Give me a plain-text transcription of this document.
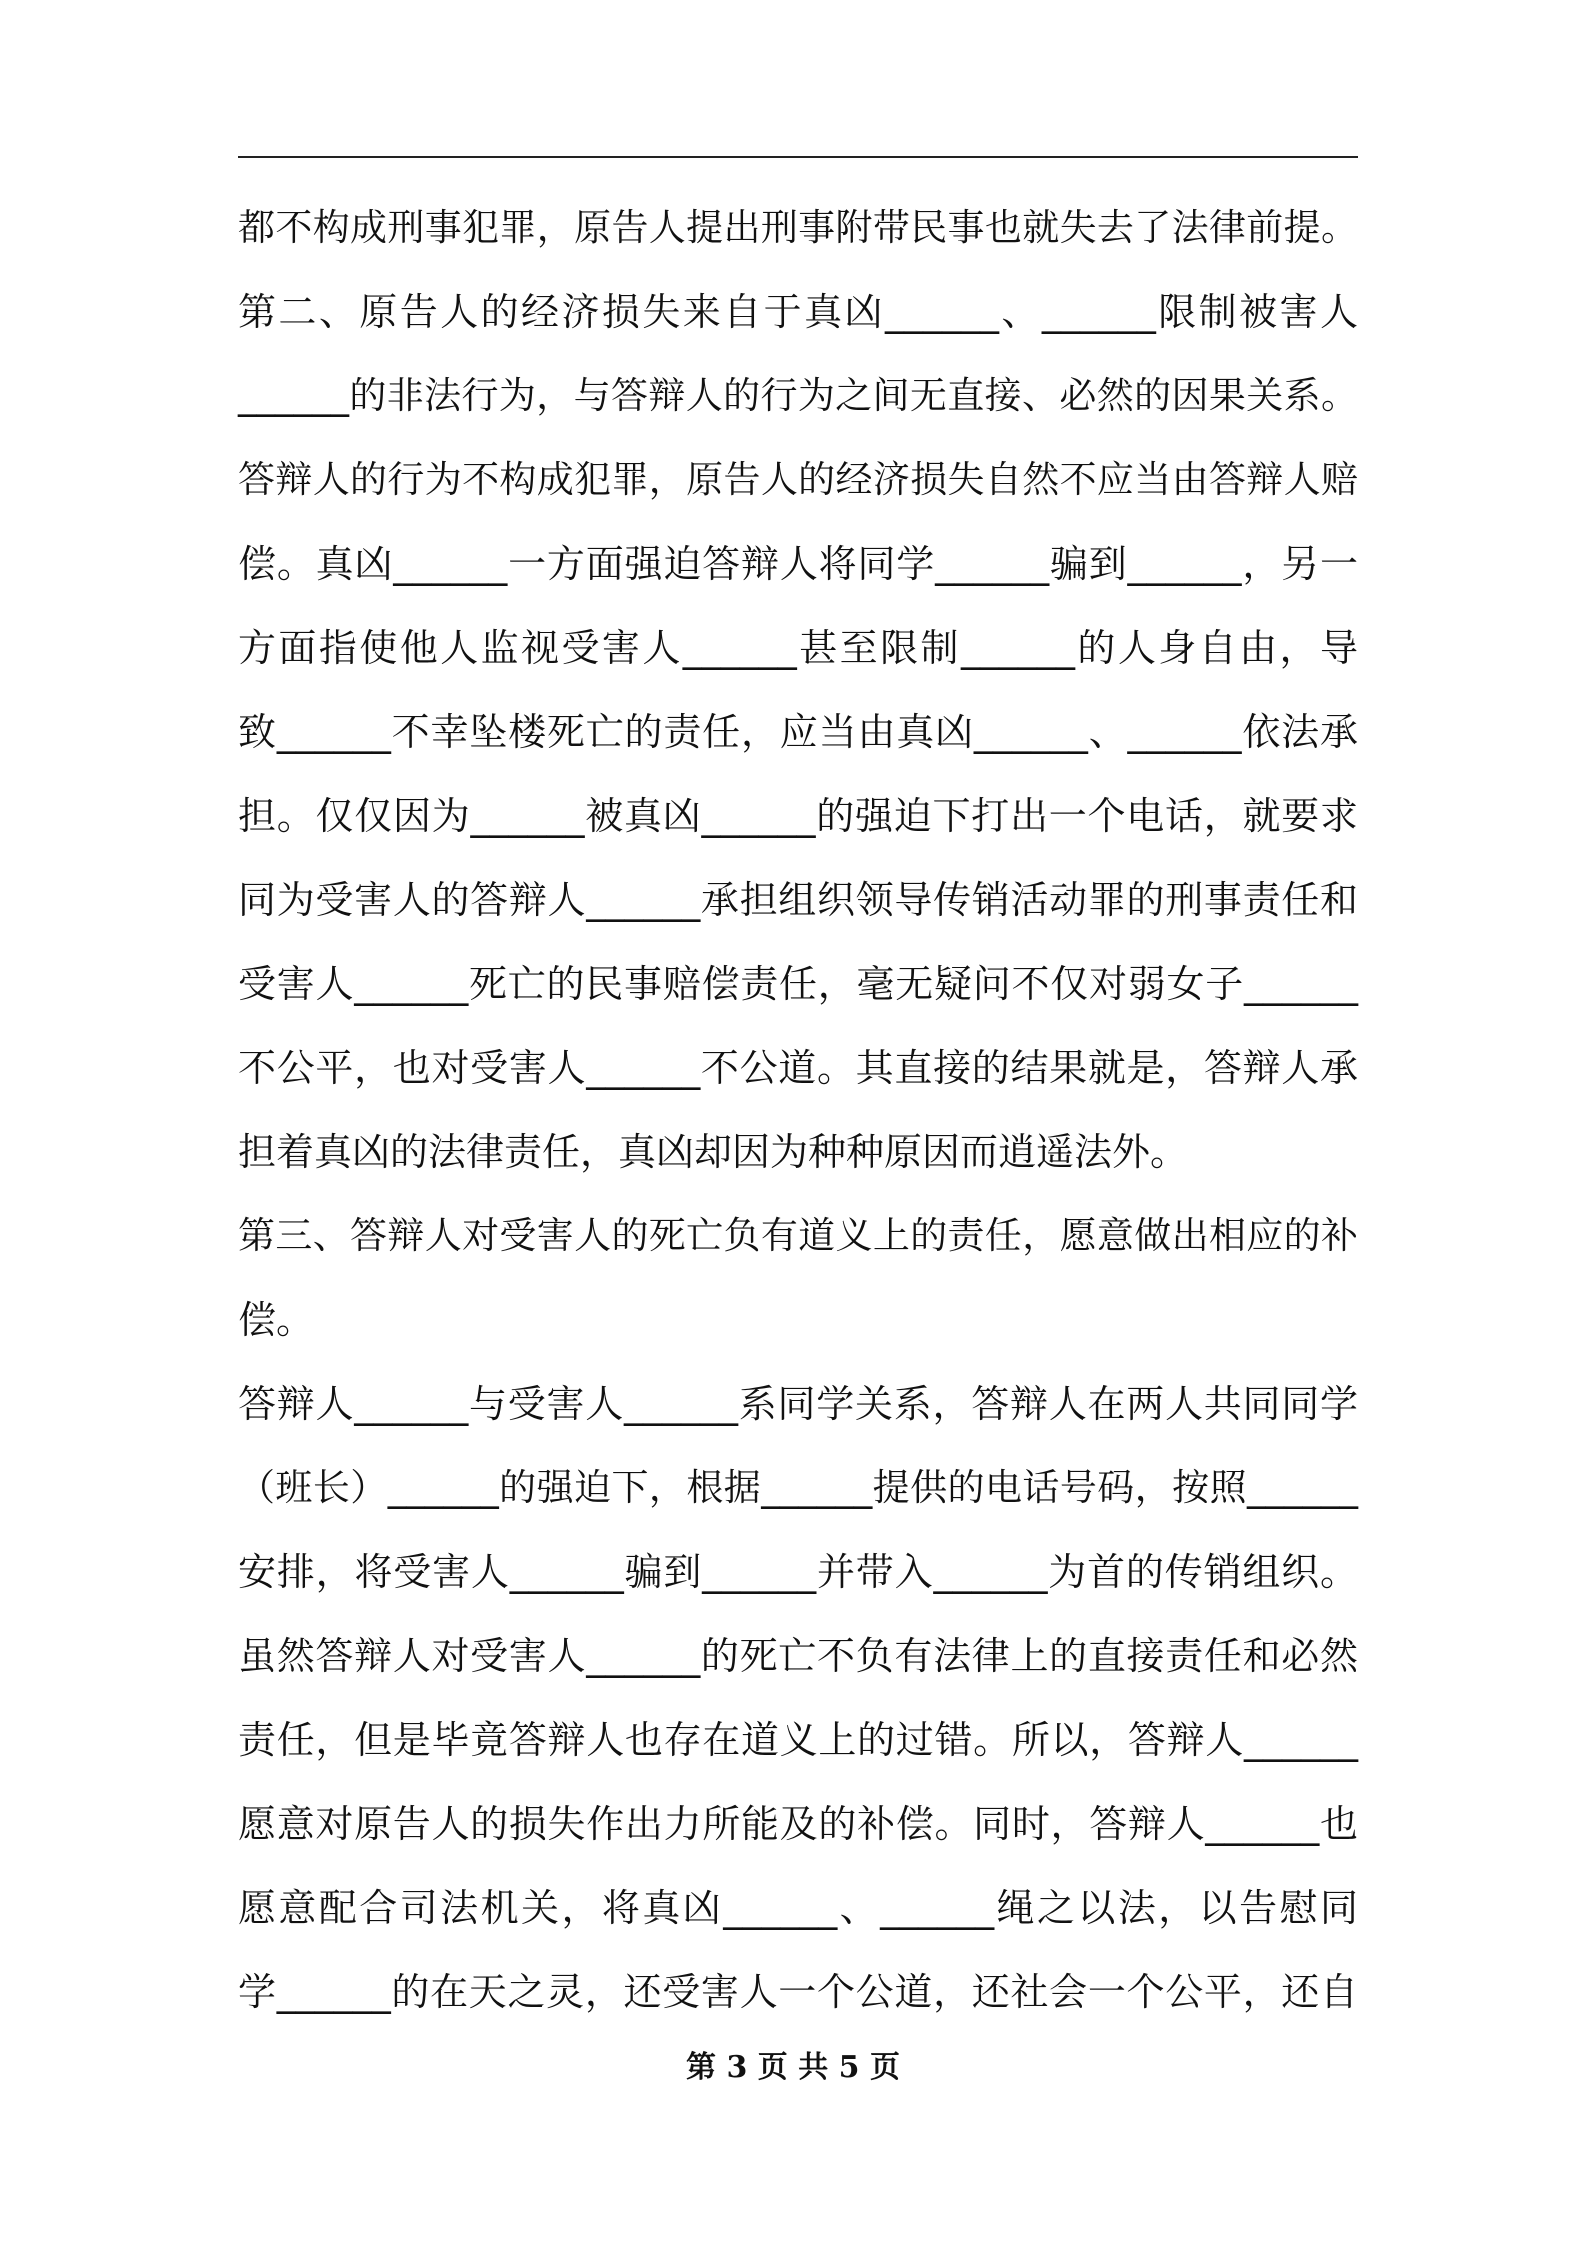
都不构成刑事犯罪，原告人提出刑事附带民事也就失去了法律前提。
第二、原告人的经济损失来自于真凶______、______限制被害人
______的非法行为，与答辩人的行为之间无直接、必然的因果关系。
答辩人的行为不构成犯罪，原告人的经济损失自然不应当由答辩人赔
偿。真凶______一方面强迫答辩人将同学______骗到______，另一
方面指使他人监视受害人______甚至限制______的人身自由，导
致______不幸坠楼死亡的责任，应当由真凶______、______依法承
担。仅仅因为______被真凶______的强迫下打出一个电话，就要求
同为受害人的答辩人______承担组织领导传销活动罪的刑事责任和
受害人______死亡的民事赔偿责任，毫无疑问不仅对弱女子______
不公平，也对受害人______不公道。其直接的结果就是，答辩人承
担着真凶的法律责任，真凶却因为种种原因而逍遥法外。
第三、答辩人对受害人的死亡负有道义上的责任，愿意做出相应的补
偿。
答辩人______与受害人______系同学关系，答辩人在两人共同同学
（班长）______的强迫下，根据______提供的电话号码，按照______
安排，将受害人______骗到______并带入______为首的传销组织。
虽然答辩人对受害人______的死亡不负有法律上的直接责任和必然
责任，但是毕竟答辩人也存在道义上的过错。所以，答辩人______
愿意对原告人的损失作出力所能及的补偿。同时，答辩人______也
愿意配合司法机关，将真凶______、______绳之以法，以告慰同
学______的在天之灵，还受害人一个公道，还社会一个公平，还自
第 3 页 共 5 页
